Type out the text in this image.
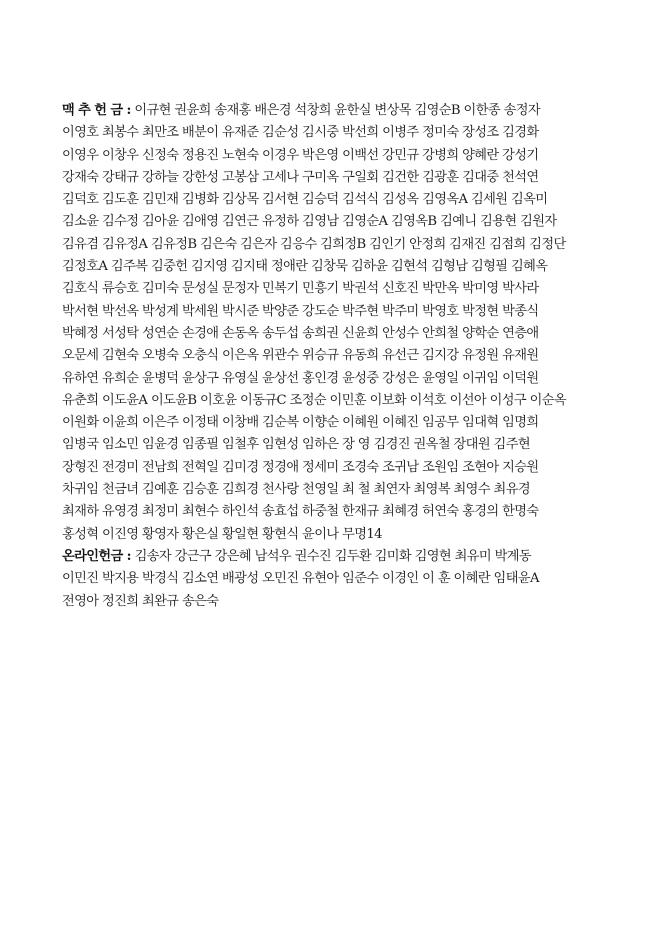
맥 추 헌 금 : 이규현 권윤희 송재홍 배은경 석창희 윤한실 변상목 김영순B 이한종 송정자
이영호 최봉수 최만조 배분이 유재준 김순성 김시중 박선희 이병주 정미숙 장성조 김경화
이영우 이창우 신정숙 정용진 노현숙 이경우 박은영 이백선 강민규 강병희 양혜란 강성기
강재숙 강태규 강하늘 강한성 고봉삼 고세나 구미옥 구일회 김건한 김광훈 김대중 천석연
김덕호 김도훈 김민재 김병화 김상목 김서현 김승덕 김석식 김성옥 김영옥A 김세원 김옥미
김소윤 김수정 김아윤 김애영 김연근 유정하 김영남 김영순A 김영옥B 김예니 김용현 김원자
김유겸 김유정A 김유정B 김은숙 김은자 김응수 김희정B 김인기 안정희 김재진 김점희 김정단
김정호A 김주복 김중헌 김지영 김지태 정애란 김창묵 김하윤 김현석 김형남 김형필 김혜옥
김호식 류승호 김미숙 문성실 문정자 민복기 민흥기 박권석 신호진 박만옥 박미영 박사라
박서현 박선옥 박성계 박세원 박시준 박양준 강도순 박주현 박주미 박영호 박정현 박종식
박혜정 서성탁 성연순 손경애 손동옥 송두섭 송희권 신윤희 안성수 안희철 양학순 연층애
오문세 김현숙 오병숙 오충식 이은옥 위관수 위승규 유동희 유선근 김지강 유정원 유재원
유하연 유희순 윤병덕 윤상구 유영실 윤상선 홍인경 윤성중 강성은 윤영일 이귀임 이덕원
유춘희 이도윤A 이도윤B 이호윤 이동규C 조정순 이민훈 이보화 이석호 이선아 이성구 이순옥
이원화 이윤희 이은주 이정태 이창배 김순복 이향순 이혜원 이혜진 임공무 임대혁 임명희
임병국 임소민 임윤경 임종필 임철후 임현성 임하은 장 영 김경진 권옥철 장대원 김주현
장형진 전경미 전남희 전혁일 김미경 정경애 정세미 조경숙 조귀남 조원임 조현아 지승원
차귀임 천금녀 김예훈 김승훈 김희경 천사랑 천영일 최 철 최연자 최영복 최영수 최유경
최재하 유영경 최정미 최현수 하인석 송효섭 하중철 한재규 최혜경 허연숙 홍경의 한명숙
홍성혁 이진영 황영자 황은실 황일현 황현식 윤이나 무명14
온라인헌금 : 김송자 강근구 강은혜 남석우 권수진 김두환 김미화 김영현 최유미 박계동
이민진 박지용 박경식 김소연 배광성 오민진 유현아 임준수 이경인 이 훈 이혜란 임태윤A
전영아 정진희 최완규 송은숙
